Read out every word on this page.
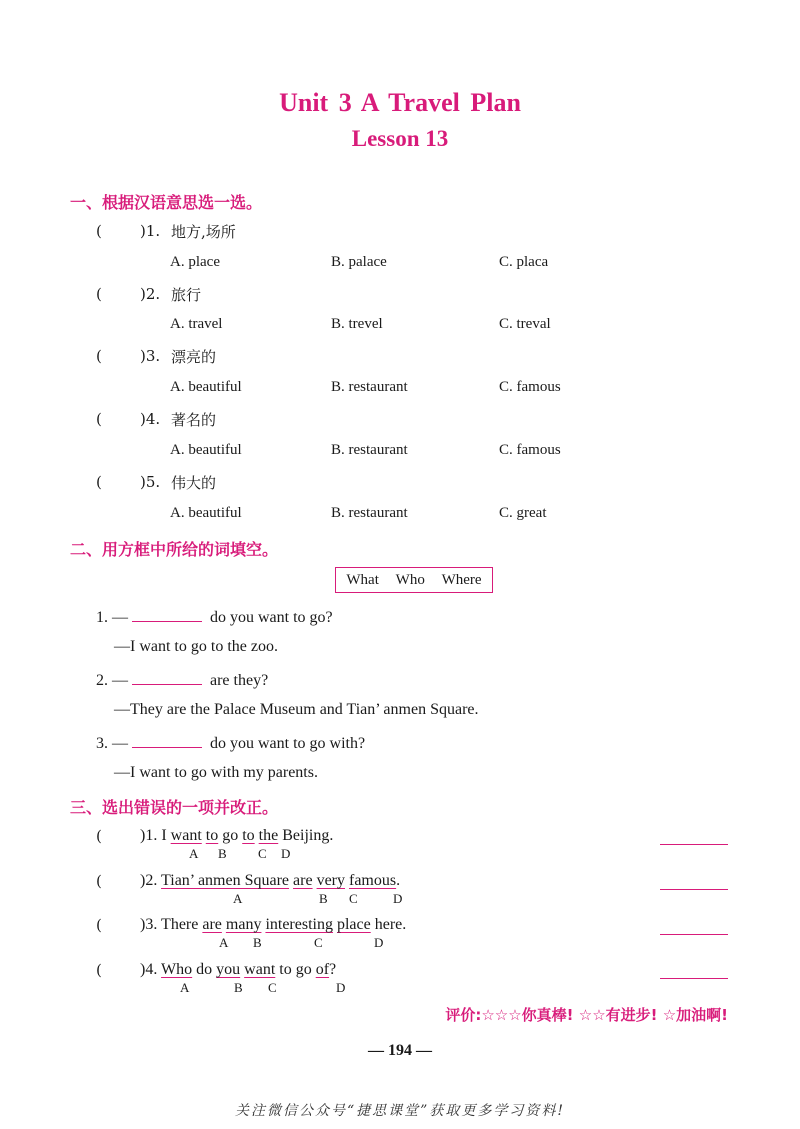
Unit 3 A Travel Plan
Lesson 13
一、根据汉语意思选一选。
(	)1. 地方,场所
A. place	B. palace	C. placa
(	)2. 旅行
A. travel	B. trevel	C. treval
(	)3. 漂亮的
A. beautiful	B. restaurant	C. famous
(	)4. 著名的
A. beautiful	B. restaurant	C. famous
(	)5. 伟大的
A. beautiful	B. restaurant	C. great
二、用方框中所给的词填空。
What Who Where
1. —	do you want to go?
—I want to go to the zoo.
2. —	are they?
—They are the Palace Museum and Tian’ anmen Square.
3. —	do you want to go with?
—I want to go with my parents.
三、选出错误的一项并改正。
( )1. I want to go to the Beijing.
A B C D
( )2. Tian’ anmen Square are very famous.
A	B C	D
( )3. There are many interesting place here.
A B	C	D
( )4. Who do you want to go of?
A	B C	D
评价:☆☆☆你真棒! ☆☆有进步! ☆加油啊!
— 194 —
关注微信公众号“捷思课堂”获取更多学习资料!
